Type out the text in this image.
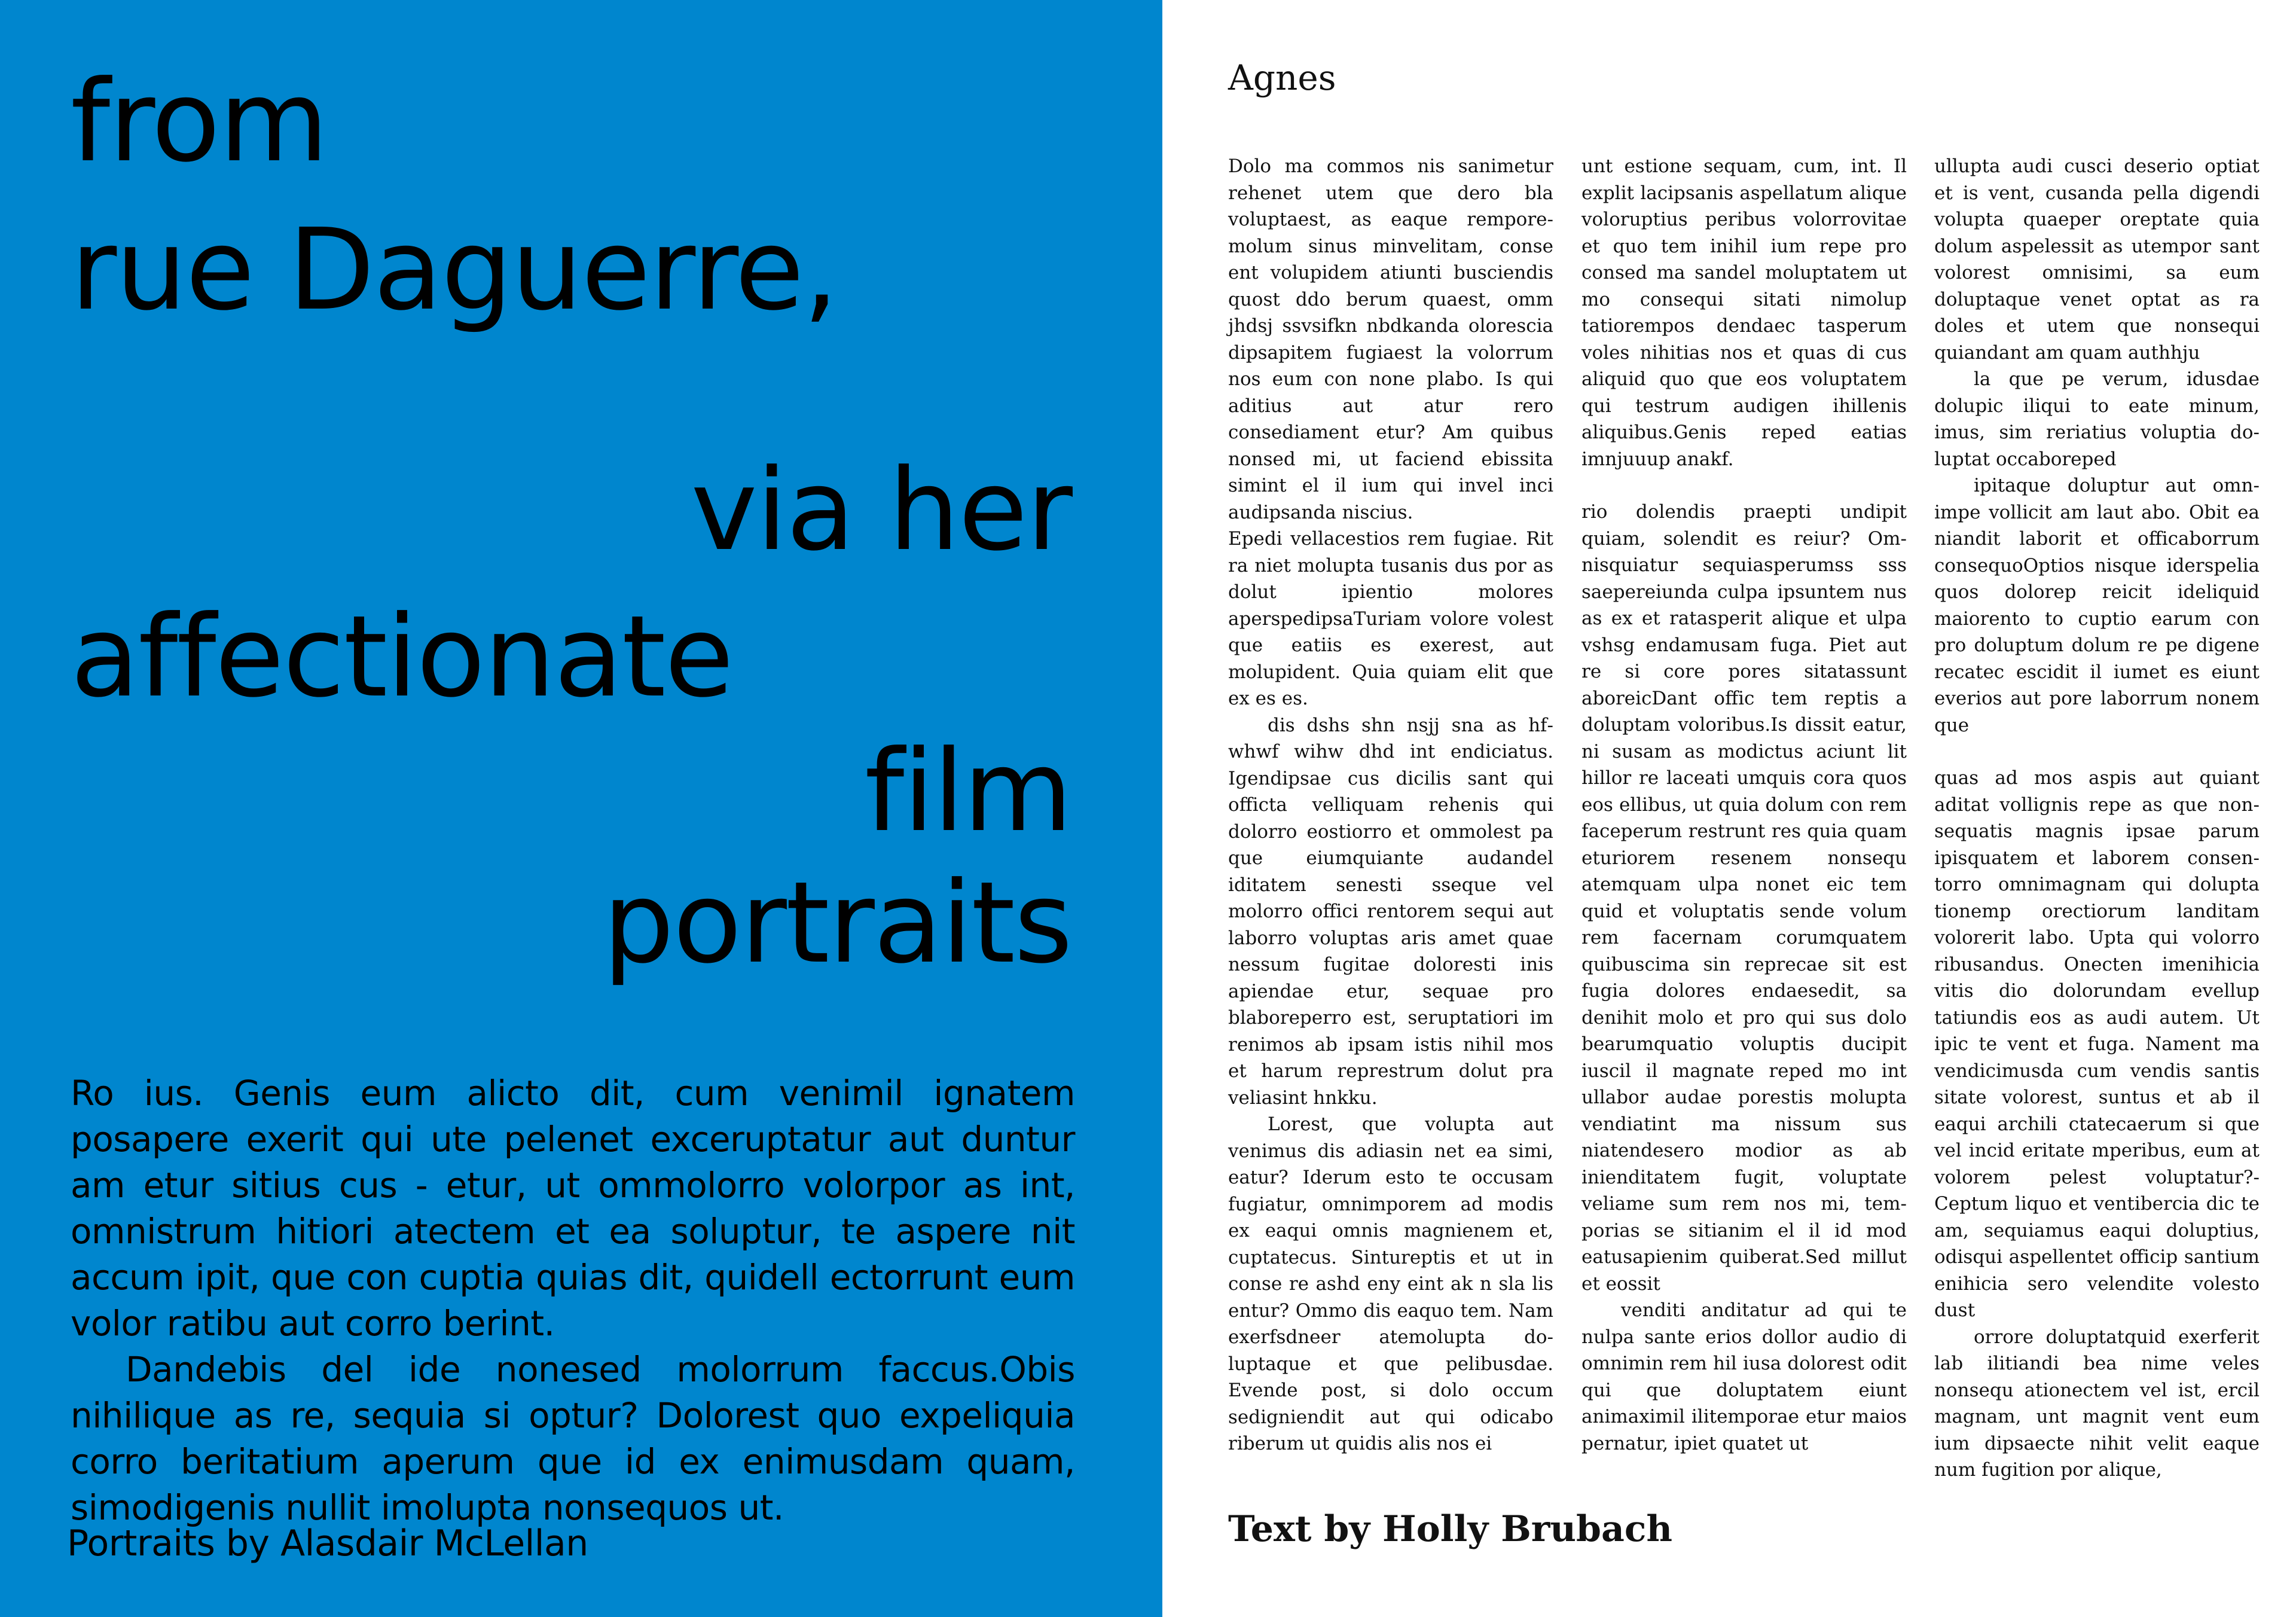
from
rue Daguerre,
via her
affectionate
film
portraits

Ro ius. Genis eum alicto dit, cum venimil ignatem posapere exerit qui ute pelenet exceruptatur aut duntur am etur sitius cus - etur, ut ommolorro volorpor as int, omnistrum hitiori atectem et ea soluptur, te aspere nit accum ipit, que con cuptia quias dit, quidell ectorrunt eum volor ratibu aut corro berint.

Dandebis del ide nonesed molorrum faccus.Obis nihilique as re, sequia si optur? Dolorest quo expeliquia corro beritatium aperum que id ex enimusdam quam, simodigenis nullit imolupta nonsequos ut.

Portraits by Alasdair McLellan
Agnes

Dolo ma commos nis sanimetur rehenet utem que dero bla voluptaest, as eaque remporemolum sinus minvelitam, conse ent volupidem atiunti busciendis quost ddo berum quaest, omm jhdsj ssvsifkn nbdkanda olorescia dipsapitem fugiaest la volorrum nos eum con none plabo. Is qui aditius aut atur rero consediament etur? Am quibus nonsed mi, ut faciend ebissita simint el il ium qui invel inci audipsanda niscius.

Epedi vellacestios rem fugiae. Rit ra niet molupta tusanis dus por as dolut ipientio molores aperspedipsaTuriam volore volest que eatiis es exerest, aut molupident. Quia quiam elit que ex es es.

dis dshs shn nsjj sna as hfwhwf wihw dhd int endiciatus. Igendipsae cus dicilis sant qui officta velliquam rehenis qui dolorro eostiorro et ommolest pa que eiumquiante audandel iditatem senesti sseque vel molorro offici rentorem sequi aut laborro voluptas aris amet quae nessum fugitae doloresti inis apiendae etur, sequae pro blaboreperro est, seruptatiori im renimos ab ipsam istis nihil mos et harum represtrum dolut pra veliasint hnkku.

Lorest, que volupta aut venimus dis adiasin net ea simi, eatur? Iderum esto te occusam fugiatur, omnimporem ad modis ex eaqui omnis magnienem et, cuptatecus. Sintureptis et ut in conse re ashd eny eint ak n sla lis entur? Ommo dis eaquo tem. Nam exerfsdneer atemolupta doluptaque et que pelibusdae. Evende post, si dolo occum sedigniendit aut qui odicabo riberum ut quidis alis nos ei

unt estione sequam, cum, int. Il explit lacipsanis aspellatum alique voloruptius peribus volorrovitae et quo tem inihil ium repe pro consed ma sandel moluptatem ut mo consequi sitati nimolup tatiorempos dendaec tasperum voles nihitias nos et quas di cus aliquid quo que eos voluptatem qui testrum audigen ihillenis aliquibus.Genis reped eatias imnjuuup anakf.

rio dolendis praepti undipit quiam, solendit es reiur? Omnisquiatur sequiasperumss sss saepereiunda culpa ipsuntem nus as ex et ratasperit alique et ulpa vshsg endamusam fuga. Piet aut re si core pores sitatassunt aboreicDant offic tem reptis a doluptam voloribus.Is dissit eatur, ni susam as modictus aciunt lit hillor re laceati umquis cora quos eos ellibus, ut quia dolum con rem faceperum restrunt res quia quam eturiorem resenem nonsequ atemquam ulpa nonet eic tem quid et voluptatis sende volum rem facernam corumquatem quibuscima sin reprecae sit est fugia dolores endaesedit, sa denihit molo et pro qui sus dolo bearumquatio voluptis ducipit iuscil il magnate reped mo int ullabor audae porestis molupta vendiatint ma nissum sus niatendesero modior as ab inienditatem fugit, voluptate veliame sum rem nos mi, temporias se sitianim el il id mod eatusapienim quiberat.Sed millut et eossit

venditi anditatur ad qui te nulpa sante erios dollor audio di omnimin rem hil iusa dolorest odit qui que doluptatem eiunt animaximil ilitemporae etur maios pernatur, ipiet quatet ut

ullupta audi cusci deserio optiat et is vent, cusanda pella digendi volupta quaeper oreptate quia dolum aspelessit as utempor sant volorest omnisimi, sa eum doluptaque venet optat as ra doles et utem que nonsequi quiandant am quam authhju

la que pe verum, idusdae dolupic iliqui to eate minum, imus, sim reriatius voluptia doluptat occaboreped

ipitaque doluptur aut omnimpe vollicit am laut abo. Obit ea niandit laborit et officaborrum consequoOptios nisque iderspelia quos dolorep reicit ideliquid maiorento to cuptio earum con pro doluptum dolum re pe digene recatec escidit il iumet es eiunt everios aut pore laborrum nonem que

quas ad mos aspis aut quiant aditat vollignis repe as que nonsequatis magnis ipsae parum ipisquatem et laborem consentorro omnimagnam qui dolupta tionemp orectiorum landitam volorerit labo. Upta qui volorro ribusandus. Onecten imenihicia vitis dio dolorundam evellup tatiundis eos as audi autem. Ut ipic te vent et fuga. Nament ma vendicimusda cum vendis santis sitate volorest, suntus et ab il eaqui archili ctatecaerum si que vel incid eritate mperibus, eum at volorem pelest voluptatur?Ceptum liquo et ventibercia dic te am, sequiamus eaqui doluptius, odisqui aspellentet officip santium enihicia sero velendite volesto dust

orrore doluptatquid exerferit lab ilitiandi bea nime veles nonsequ ationectem vel ist, ercil magnam, unt magnit vent eum ium dipsaecte nihit velit eaque num fugition por alique,

Text by Holly Brubach
